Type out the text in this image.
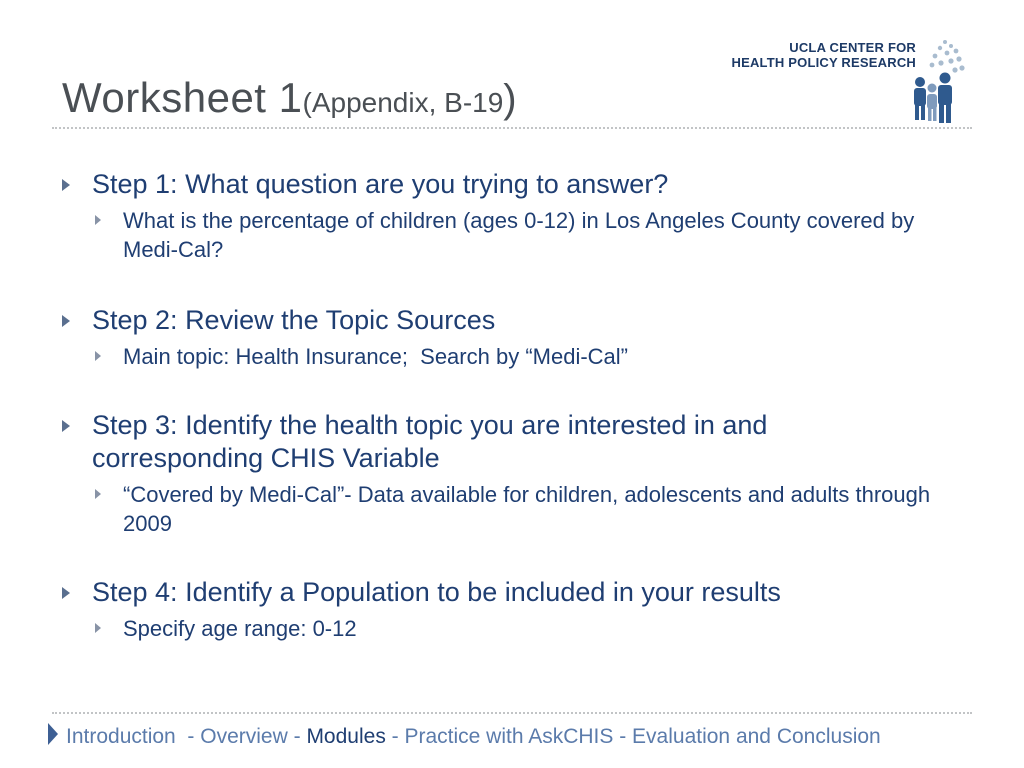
Worksheet 1(Appendix, B-19)
UCLA CENTER FOR
HEALTH POLICY RESEARCH
Step 1: What question are you trying to answer?
What is the percentage of children (ages 0-12) in Los Angeles County covered by Medi-Cal?
Step 2: Review the Topic Sources
Main topic: Health Insurance;  Search by “Medi-Cal”
Step 3: Identify the health topic you are interested in and corresponding CHIS Variable
“Covered by Medi-Cal”- Data available for children, adolescents and adults through 2009
Step 4: Identify a Population to be included in your results
Specify age range: 0-12
Introduction  - Overview - Modules - Practice with AskCHIS - Evaluation and Conclusion
